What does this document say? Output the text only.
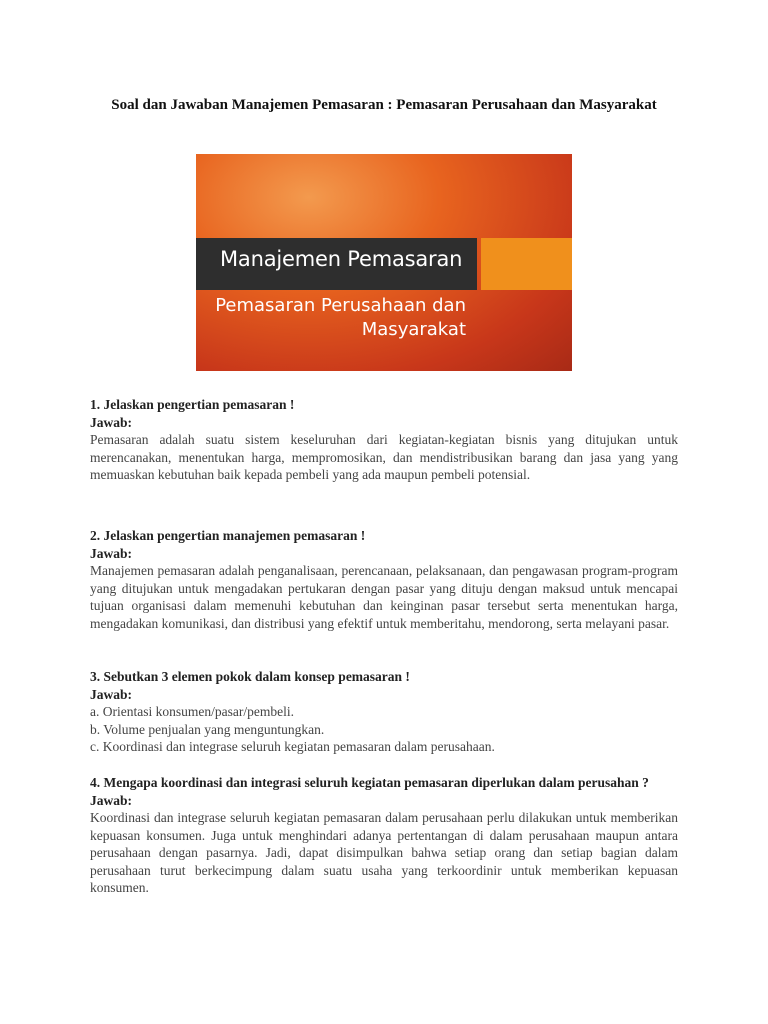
Soal dan Jawaban Manajemen Pemasaran : Pemasaran Perusahaan dan Masyarakat
Manajemen Pemasaran
Pemasaran Perusahaan dan
Masyarakat

1. Jelaskan pengertian pemasaran !

Jawab:

Pemasaran adalah suatu sistem keseluruhan dari kegiatan-kegiatan bisnis yang ditujukan untuk merencanakan, menentukan harga, mempromosikan, dan mendistribusikan barang dan jasa yang yang memuaskan kebutuhan baik kepada pembeli yang ada maupun pembeli potensial.

2. Jelaskan pengertian manajemen pemasaran !

Jawab:

Manajemen pemasaran adalah penganalisaan, perencanaan, pelaksanaan, dan pengawasan program-program yang ditujukan untuk mengadakan pertukaran dengan pasar yang dituju dengan maksud untuk mencapai tujuan organisasi dalam memenuhi kebutuhan dan keinginan pasar tersebut serta menentukan harga, mengadakan komunikasi, dan distribusi yang efektif untuk memberitahu, mendorong, serta melayani pasar.

3. Sebutkan 3 elemen pokok dalam konsep pemasaran !

Jawab:

a. Orientasi konsumen/pasar/pembeli.

b. Volume penjualan yang menguntungkan.

c. Koordinasi dan integrase seluruh kegiatan pemasaran dalam perusahaan.

4. Mengapa koordinasi dan integrasi seluruh kegiatan pemasaran diperlukan dalam perusahan ?

Jawab:

Koordinasi dan integrase seluruh kegiatan pemasaran dalam perusahaan perlu dilakukan untuk memberikan kepuasan konsumen. Juga untuk menghindari adanya pertentangan di dalam perusahaan maupun antara perusahaan dengan pasarnya. Jadi, dapat disimpulkan bahwa setiap orang dan setiap bagian dalam perusahaan turut berkecimpung dalam suatu usaha yang terkoordinir untuk memberikan kepuasan konsumen.
